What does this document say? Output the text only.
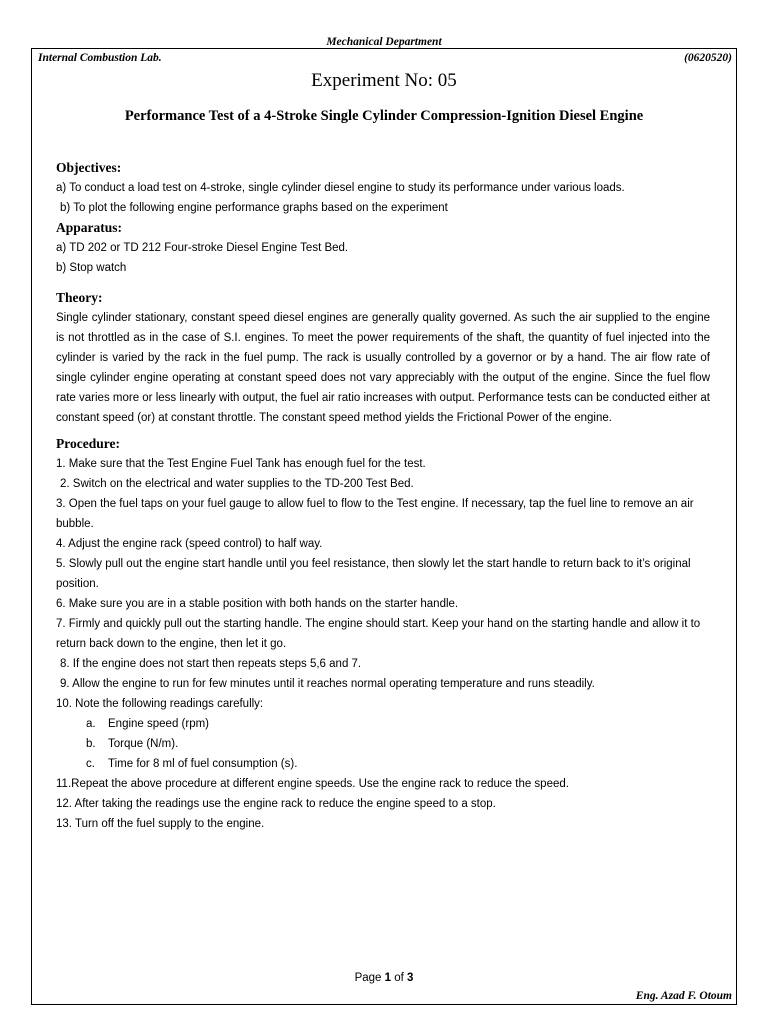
Mechanical Department
Internal Combustion Lab.	(0620520)
Experiment No: 05
Performance Test of a 4-Stroke Single Cylinder Compression-Ignition Diesel Engine
Objectives:
a) To conduct a load test on 4-stroke, single cylinder diesel engine to study its performance under various loads.
b) To plot the following engine performance graphs based on the experiment
Apparatus:
a) TD 202 or TD 212 Four-stroke Diesel Engine Test Bed.
b) Stop watch
Theory:
Single cylinder stationary, constant speed diesel engines are generally quality governed. As such the air supplied to the engine is not throttled as in the case of S.I. engines. To meet the power requirements of the shaft, the quantity of fuel injected into the cylinder is varied by the rack in the fuel pump. The rack is usually controlled by a governor or by a hand. The air flow rate of single cylinder engine operating at constant speed does not vary appreciably with the output of the engine. Since the fuel flow rate varies more or less linearly with output, the fuel air ratio increases with output. Performance tests can be conducted either at constant speed (or) at constant throttle. The constant speed method yields the Frictional Power of the engine.
Procedure:
1. Make sure that the Test Engine Fuel Tank has enough fuel for the test.
2. Switch on the electrical and water supplies to the TD-200 Test Bed.
3. Open the fuel taps on your fuel gauge to allow fuel to flow to the Test engine. If necessary, tap the fuel line to remove an air bubble.
4. Adjust the engine rack (speed control) to half way.
5. Slowly pull out the engine start handle until you feel resistance, then slowly let the start handle to return back to it’s original position.
6. Make sure you are in a stable position with both hands on the starter handle.
7. Firmly and quickly pull out the starting handle. The engine should start. Keep your hand on the starting handle and allow it to return back down to the engine, then let it go.
8. If the engine does not start then repeats steps 5,6 and 7.
9. Allow the engine to run for few minutes until it reaches normal operating temperature and runs steadily.
10. Note the following readings carefully:
a.	Engine speed (rpm)
b.	Torque (N/m).
c.	Time for 8 ml of fuel consumption (s).
11.Repeat the above procedure at different engine speeds. Use the engine rack to reduce the speed.
12. After taking the readings use the engine rack to reduce the engine speed to a stop.
13. Turn off the fuel supply to the engine.
Page 1 of 3
Eng. Azad F. Otoum
